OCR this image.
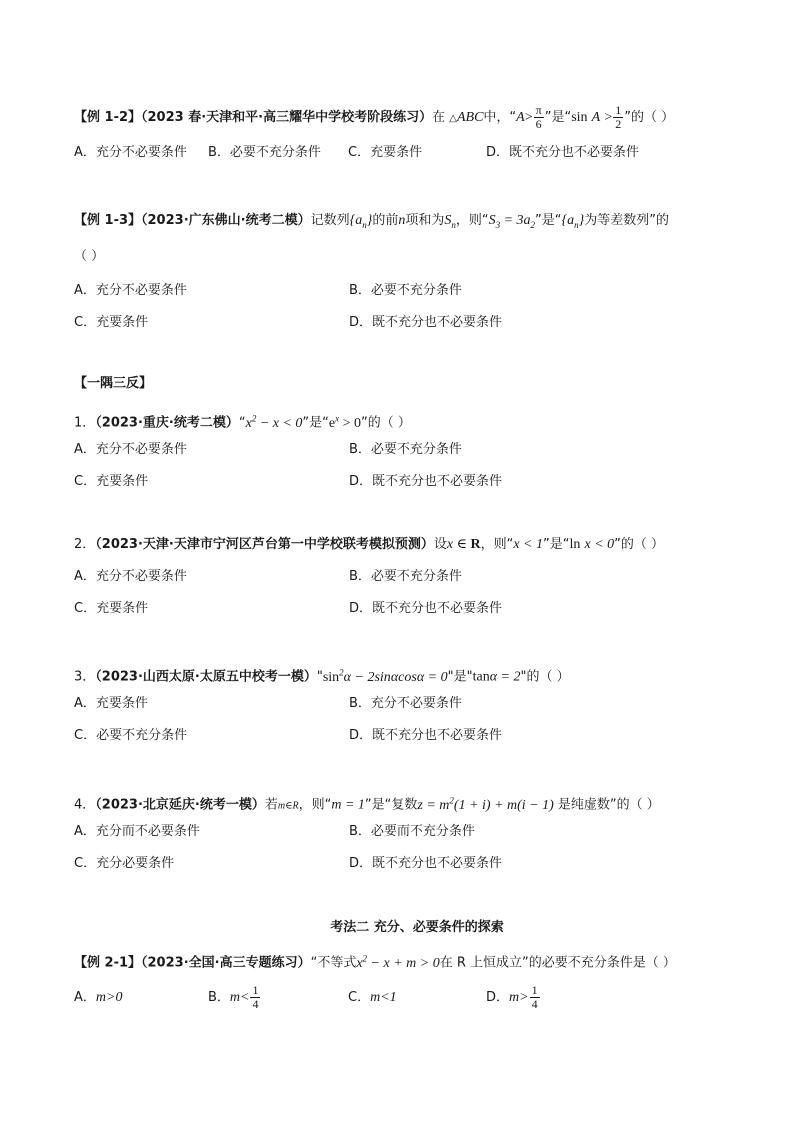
【例 1-2】（2023 春·天津和平·高三耀华中学校考阶段练习）在 △ABC中，“$A> \frac{\pi}{6}$ ”是“sin $A > \frac{1}{2}$ ”的（ ）
A．充分不必要条件 B．必要不充分条件 C．充要条件	D．既不充分也不必要条件
【例 1-3】（2023·广东佛山·统考二模）记数列$\{a_n\}$的前n项和为$S_n$，则“$S_3 = 3a_2$”是“$\{a_n\}$为等差数列”的
（ ）
A．充分不必要条件	B．必要不充分条件
C．充要条件	D．既不充分也不必要条件
【一隅三反】
1．（2023·重庆·统考二模）“$x^2 - x < 0$”是“$e^x > 0$”的（ ）
A．充分不必要条件	B．必要不充分条件
C．充要条件	D．既不充分也不必要条件
2．（2023·天津·天津市宁河区芦台第一中学校联考模拟预测）设x ∈ R，则“x < 1”是“ln x < 0”的（ ）
A．充分不必要条件	B．必要不充分条件
C．充要条件	D．既不充分也不必要条件
3．（2023·山西太原·太原五中校考一模）"$\sin^2\alpha - 2\sin\alpha\cos\alpha = 0$"是"tanα = 2"的（ ）
A．充要条件	B．充分不必要条件
C．必要不充分条件	D．既不充分也不必要条件
4．（2023·北京延庆·统考一模）若m∈R，则“m = 1”是“复数$z = m^2(1 + i) + m(i - 1)$ 是纯虚数”的（ ）
A．充分而不必要条件	B．必要而不充分条件
C．充分必要条件	D．既不充分也不必要条件
考法二 充分、必要条件的探索
【例 2-1】（2023·全国·高三专题练习）“不等式$x^2 - x + m > 0$在 R 上恒成立”的必要不充分条件是（ ）
A．m>0	B．$m< \frac{1}{4}$	C．m<1	D．$m> \frac{1}{4}$
